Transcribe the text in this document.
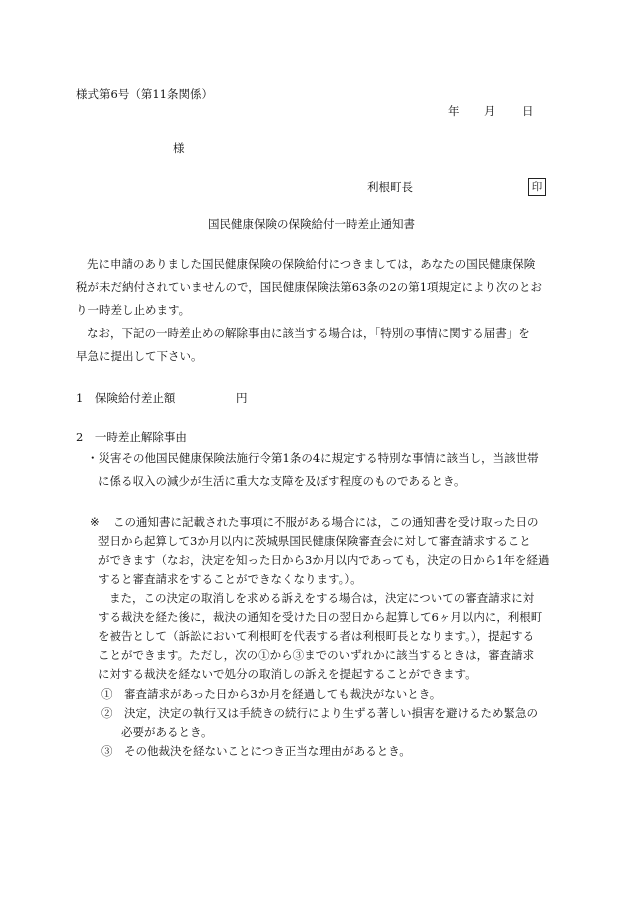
様式第6号（第11条関係）
年 月 日
様
利根町長	印
国民健康保険の保険給付一時差止通知書
先に申請のありました国民健康保険の保険給付につきましては，あなたの国民健康保険
税が未だ納付されていませんので，国民健康保険法第63条の2の第1項規定により次のとお
り一時差し止めます。
なお，下記の一時差止めの解除事由に該当する場合は，「特別の事情に関する届書」を
早急に提出して下さい。
1　保険給付差止額	円
2　一時差止解除事由
・災害その他国民健康保険法施行令第1条の4に規定する特別な事情に該当し，当該世帯
に係る収入の減少が生活に重大な支障を及ぼす程度のものであるとき。
※ この通知書に記載された事項に不服がある場合には，この通知書を受け取った日の
翌日から起算して3か月以内に茨城県国民健康保険審査会に対して審査請求すること
ができます（なお，決定を知った日から3か月以内であっても，決定の日から1年を経過
すると審査請求をすることができなくなります。）。
また，この決定の取消しを求める訴えをする場合は，決定についての審査請求に対
する裁決を経た後に，裁決の通知を受けた日の翌日から起算して6ヶ月以内に，利根町
を被告として（訴訟において利根町を代表する者は利根町長となります。），提起する
ことができます。ただし，次の①から③までのいずれかに該当するときは，審査請求
に対する裁決を経ないで処分の取消しの訴えを提起することができます。
①　審査請求があった日から3か月を経過しても裁決がないとき。
②　決定，決定の執行又は手続きの続行により生ずる著しい損害を避けるため緊急の
必要があるとき。
③　その他裁決を経ないことにつき正当な理由があるとき。
